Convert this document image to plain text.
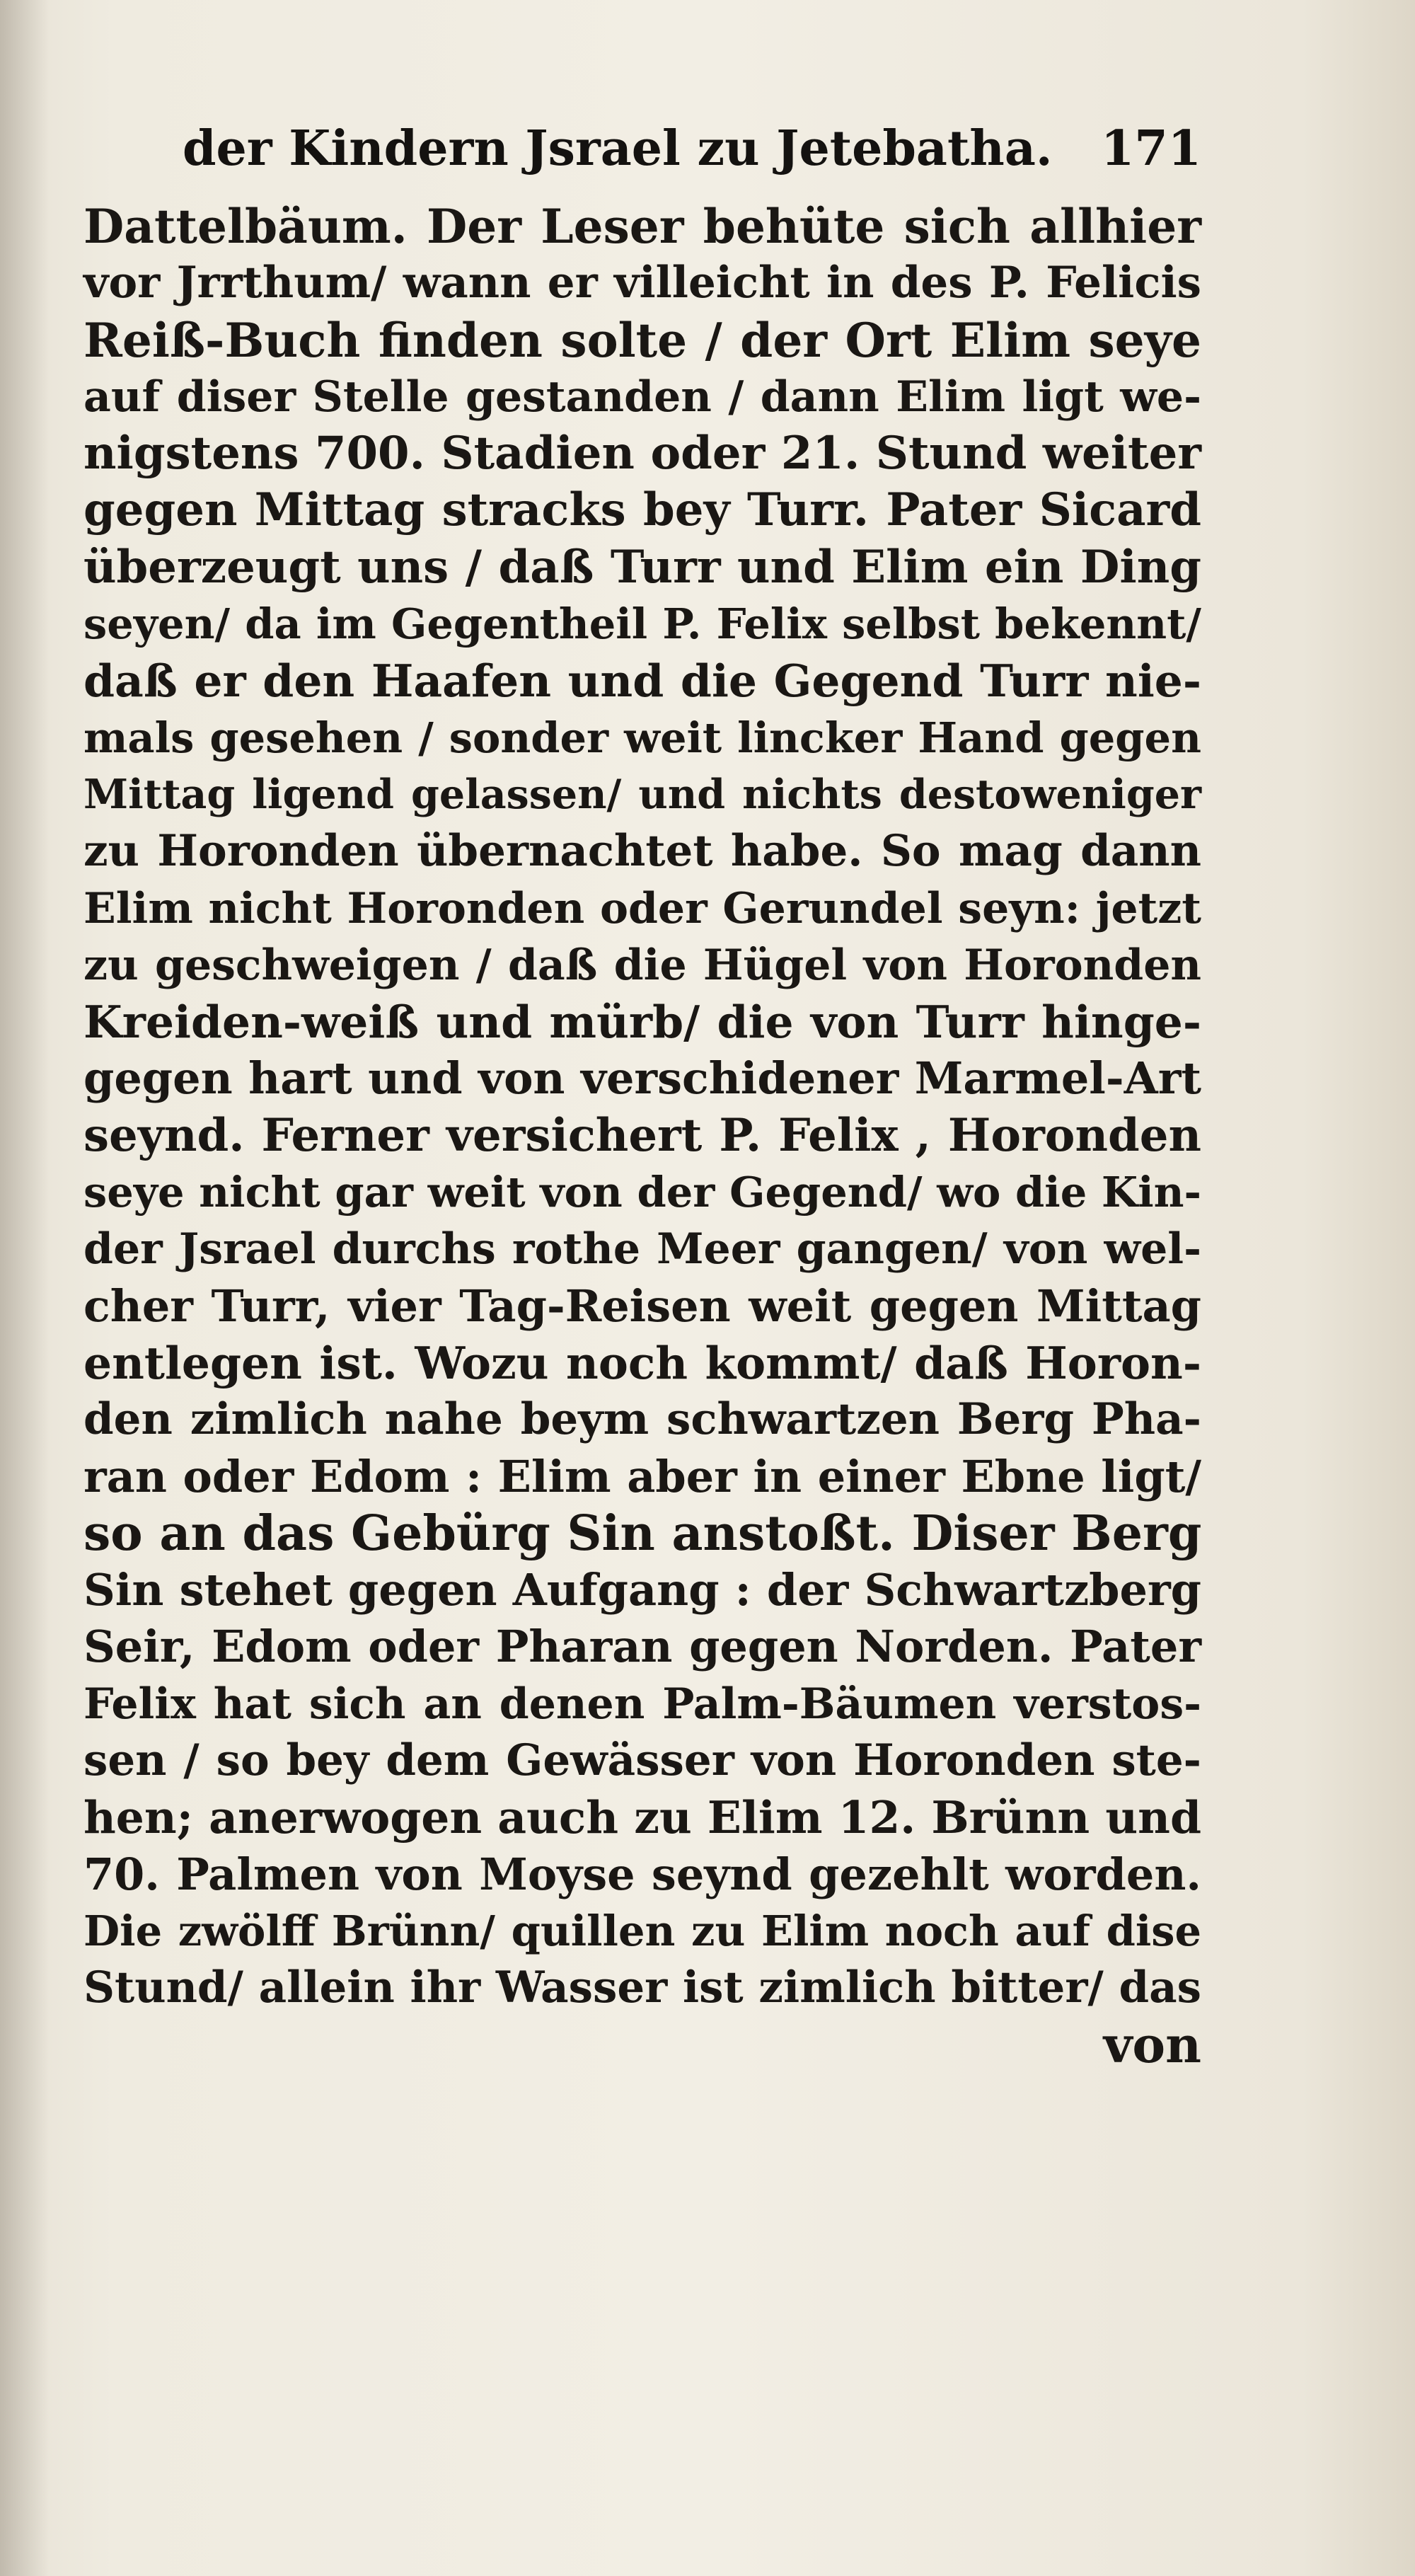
der Kindern Jsrael zu Jetebatha. 171
Dattelbäum. Der Leser behüte sich allhier
vor Jrrthum/ wann er villeicht in des P. Felicis
Reiß-Buch finden solte / der Ort Elim seye
auf diser Stelle gestanden / dann Elim ligt we-
nigstens 700. Stadien oder 21. Stund weiter
gegen Mittag stracks bey Turr. Pater Sicard
überzeugt uns / daß Turr und Elim ein Ding
seyen/ da im Gegentheil P. Felix selbst bekennt/
daß er den Haafen und die Gegend Turr nie-
mals gesehen / sonder weit lincker Hand gegen
Mittag ligend gelassen/ und nichts destoweniger
zu Horonden übernachtet habe. So mag dann
Elim nicht Horonden oder Gerundel seyn: jetzt
zu geschweigen / daß die Hügel von Horonden
Kreiden-weiß und mürb/ die von Turr hinge-
gegen hart und von verschidener Marmel-Art
seynd. Ferner versichert P. Felix , Horonden
seye nicht gar weit von der Gegend/ wo die Kin-
der Jsrael durchs rothe Meer gangen/ von wel-
cher Turr, vier Tag-Reisen weit gegen Mittag
entlegen ist. Wozu noch kommt/ daß Horon-
den zimlich nahe beym schwartzen Berg Pha-
ran oder Edom : Elim aber in einer Ebne ligt/
so an das Gebürg Sin anstoßt. Diser Berg
Sin stehet gegen Aufgang : der Schwartzberg
Seir, Edom oder Pharan gegen Norden. Pater
Felix hat sich an denen Palm-Bäumen verstos-
sen / so bey dem Gewässer von Horonden ste-
hen; anerwogen auch zu Elim 12. Brünn und
70. Palmen von Moyse seynd gezehlt worden.
Die zwölff Brünn/ quillen zu Elim noch auf dise
Stund/ allein ihr Wasser ist zimlich bitter/ das
von
